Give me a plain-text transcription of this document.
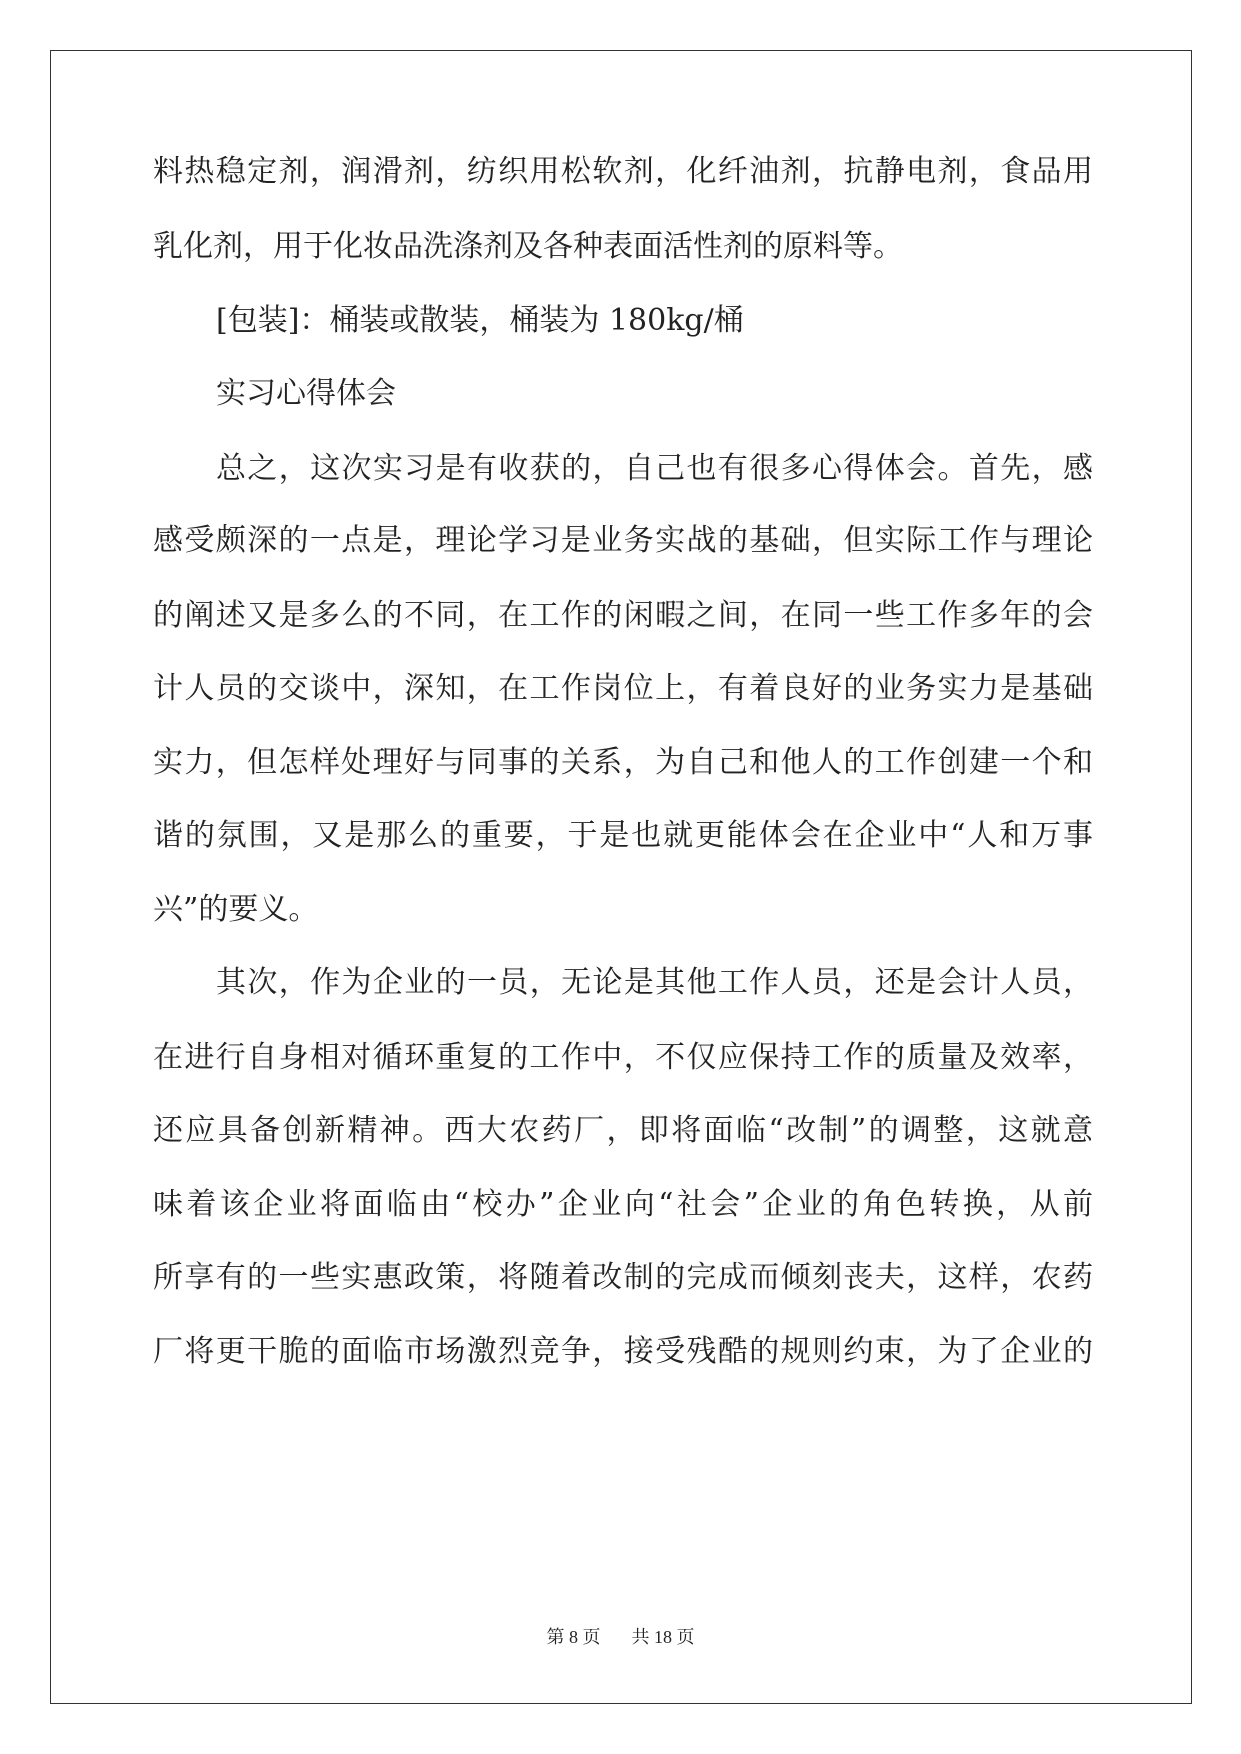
料热稳定剂，润滑剂，纺织用松软剂，化纤油剂，抗静电剂，食品用
乳化剂，用于化妆品洗涤剂及各种表面活性剂的原料等。
[包装]：桶装或散装，桶装为 180kg/桶
实习心得体会
总之，这次实习是有收获的，自己也有很多心得体会。首先，感
感受颇深的一点是，理论学习是业务实战的基础，但实际工作与理论
的阐述又是多么的不同，在工作的闲暇之间，在同一些工作多年的会
计人员的交谈中，深知，在工作岗位上，有着良好的业务实力是基础
实力，但怎样处理好与同事的关系，为自己和他人的工作创建一个和
谐的氛围，又是那么的重要，于是也就更能体会在企业中“人和万事
兴”的要义。
其次，作为企业的一员，无论是其他工作人员，还是会计人员，
在进行自身相对循环重复的工作中，不仅应保持工作的质量及效率，
还应具备创新精神。西大农药厂，即将面临“改制”的调整，这就意
味着该企业将面临由“校办”企业向“社会”企业的角色转换，从前
所享有的一些实惠政策，将随着改制的完成而倾刻丧夫，这样，农药
厂将更干脆的面临市场激烈竞争，接受残酷的规则约束，为了企业的
第 8 页 共 18 页
